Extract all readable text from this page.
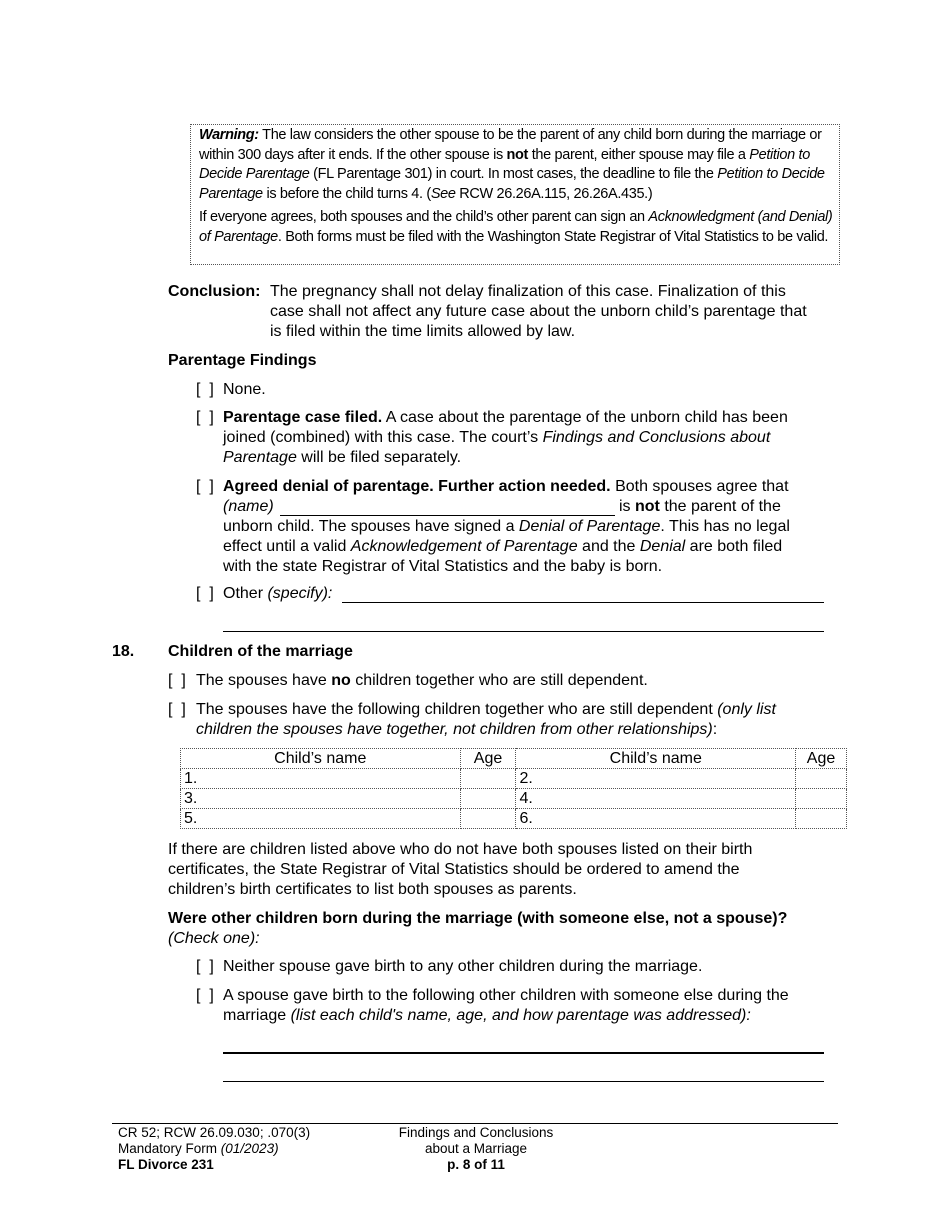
Warning: The law considers the other spouse to be the parent of any child born during the marriage or within 300 days after it ends. If the other spouse is not the parent, either spouse may file a Petition to Decide Parentage (FL Parentage 301) in court. In most cases, the deadline to file the Petition to Decide Parentage is before the child turns 4. (See RCW 26.26A.115, 26.26A.435.)

If everyone agrees, both spouses and the child’s other parent can sign an Acknowledgment (and Denial) of Parentage. Both forms must be filed with the Washington State Registrar of Vital Statistics to be valid.

Conclusion: The pregnancy shall not delay finalization of this case. Finalization of this
case shall not affect any future case about the unborn child’s parentage that
is filed within the time limits allowed by law.
Parentage Findings
[  ] None.
[  ] Parentage case filed. A case about the parentage of the unborn child has been
joined (combined) with this case. The court’s Findings and Conclusions about
Parentage will be filed separately.
[  ] Agreed denial of parentage. Further action needed. Both spouses agree that
(name)	is not the parent of the
unborn child. The spouses have signed a Denial of Parentage. This has no legal
effect until a valid Acknowledgement of Parentage and the Denial are both filed
with the state Registrar of Vital Statistics and the baby is born.
[  ] Other (specify):
18. Children of the marriage
[  ] The spouses have no children together who are still dependent.
[  ] The spouses have the following children together who are still dependent (only list
children the spouses have together, not children from other relationships):
Child’s name	Age	Child’s name	Age
1.		2.	
3.		4.	
5.		6.	
If there are children listed above who do not have both spouses listed on their birth
certificates, the State Registrar of Vital Statistics should be ordered to amend the
children’s birth certificates to list both spouses as parents.
Were other children born during the marriage (with someone else, not a spouse)?
(Check one):
[  ] Neither spouse gave birth to any other children during the marriage.
[  ] A spouse gave birth to the following other children with someone else during the
marriage (list each child's name, age, and how parentage was addressed):
CR 52; RCW 26.09.030; .070(3)
Mandatory Form (01/2023)
FL Divorce 231
Findings and Conclusions
about a Marriage
p. 8 of 11
